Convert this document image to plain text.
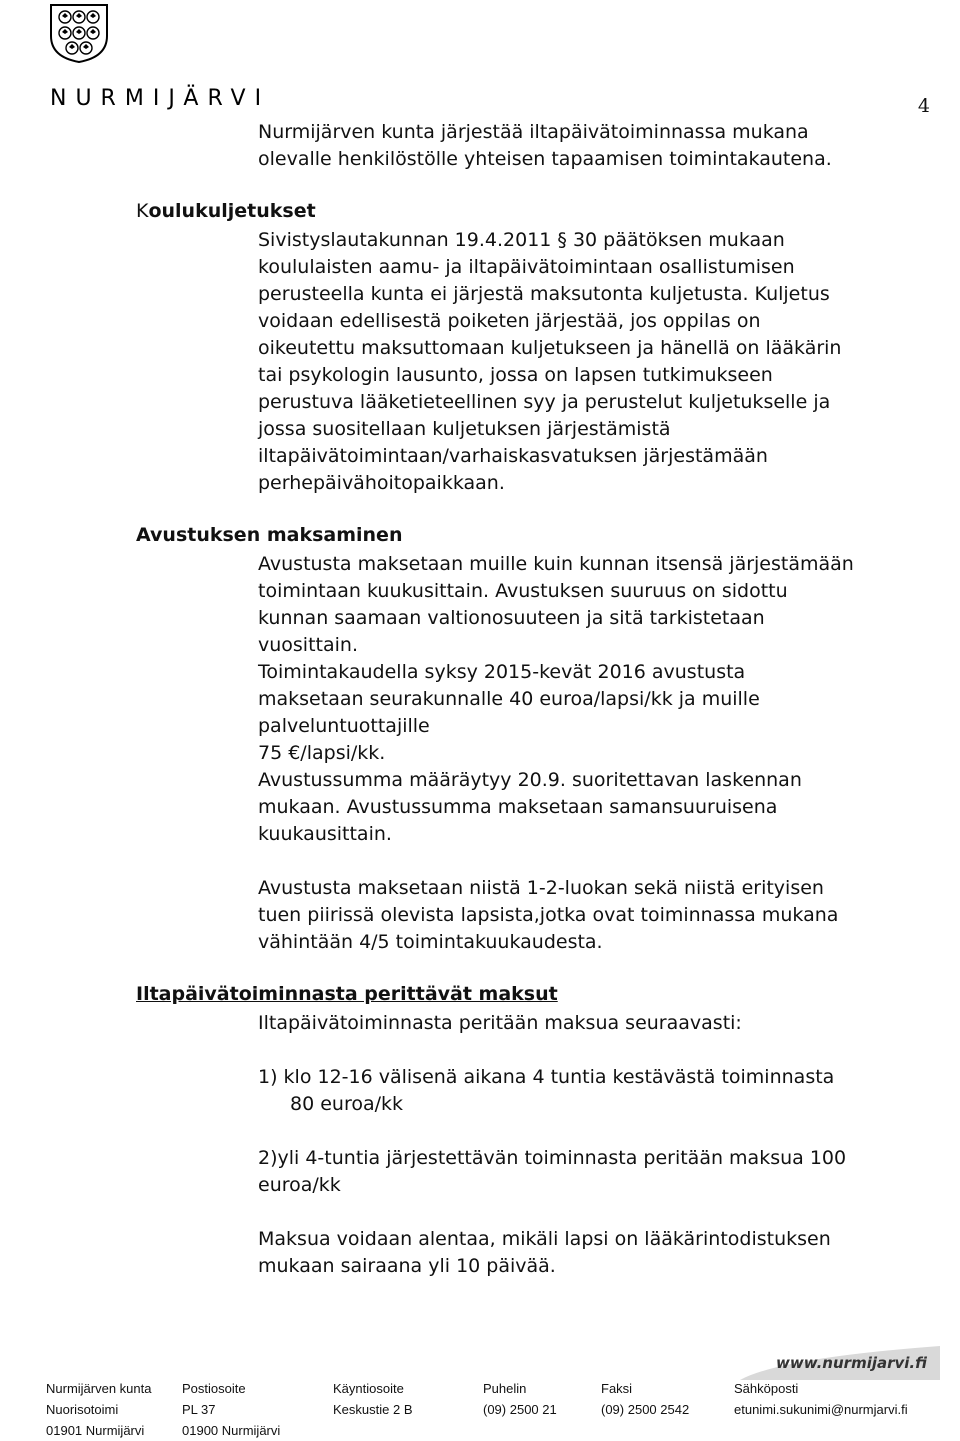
NURMIJÄRVI	4

Nurmijärven kunta järjestää iltapäivätoiminnassa mukana

olevalle henkilöstölle yhteisen tapaamisen toimintakautena.

Koulukuljetukset

Sivistyslautakunnan 19.4.2011 § 30 päätöksen mukaan

koululaisten aamu- ja iltapäivätoimintaan osallistumisen

perusteella kunta ei järjestä maksutonta kuljetusta. Kuljetus

voidaan edellisestä poiketen järjestää, jos oppilas on

oikeutettu maksuttomaan kuljetukseen ja hänellä on lääkärin

tai psykologin lausunto, jossa on lapsen tutkimukseen

perustuva lääketieteellinen syy ja perustelut kuljetukselle ja

jossa suositellaan kuljetuksen järjestämistä

iltapäivätoimintaan/varhaiskasvatuksen järjestämään

perhepäivähoitopaikkaan.

Avustuksen maksaminen

Avustusta maksetaan muille kuin kunnan itsensä järjestämään

toimintaan kuukusittain. Avustuksen suuruus on sidottu

kunnan saamaan valtionosuuteen ja sitä tarkistetaan

vuosittain.

Toimintakaudella syksy 2015-kevät 2016 avustusta

maksetaan seurakunnalle 40 euroa/lapsi/kk ja muille

palveluntuottajille

75 €/lapsi/kk.

Avustussumma määräytyy 20.9. suoritettavan laskennan

mukaan. Avustussumma maksetaan samansuuruisena

kuukausittain.

Avustusta maksetaan niistä 1-2-luokan sekä niistä erityisen

tuen piirissä olevista lapsista,jotka ovat toiminnassa mukana

vähintään 4/5 toimintakuukaudesta.

Iltapäivätoiminnasta perittävät maksut

Iltapäivätoiminnasta peritään maksua seuraavasti:

1) klo 12-16 välisenä aikana 4 tuntia kestävästä toiminnasta

80 euroa/kk

2)yli 4-tuntia järjestettävän toiminnasta peritään maksua 100

euroa/kk

Maksua voidaan alentaa, mikäli lapsi on lääkärintodistuksen

mukaan sairaana yli 10 päivää.

www.nurmijarvi.fi
Nurmijärven kunta
Nuorisotoimi
01901 Nurmijärvi
Postiosoite
PL 37
01900 Nurmijärvi
Käyntiosoite
Keskustie 2 B
Puhelin
(09) 2500 21
Faksi
(09) 2500 2542
Sähköposti
etunimi.sukunimi@nurmjarvi.fi
